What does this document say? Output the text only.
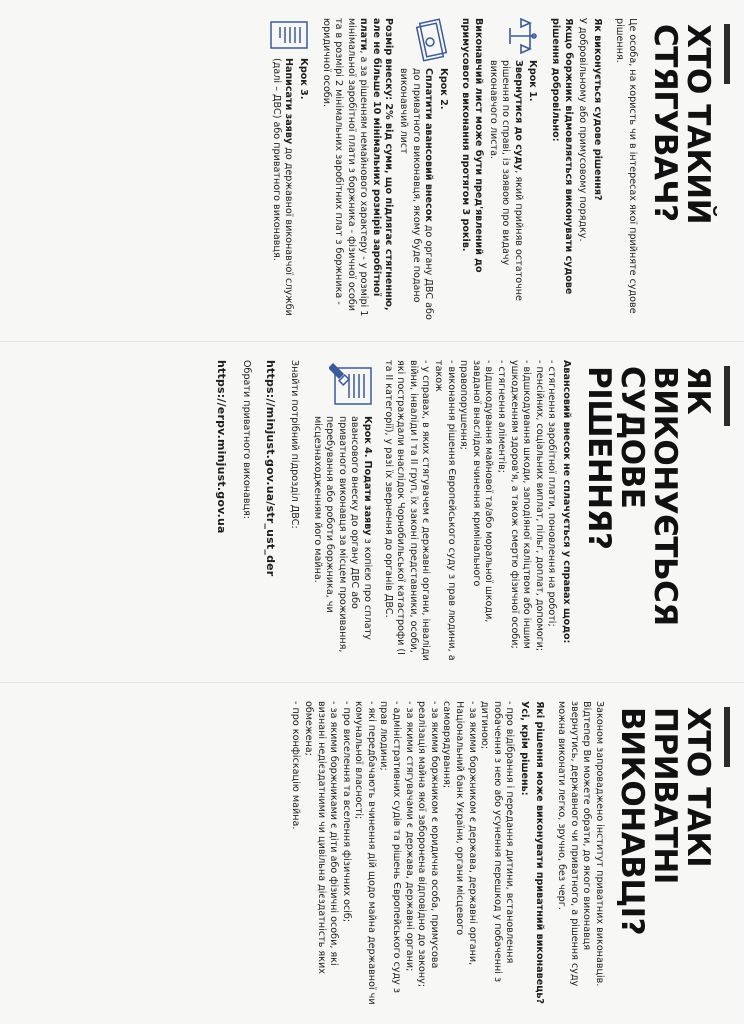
ХТО ТАКИЙ
СТЯГУВАЧ?

Це особа, на користь чи в інтересах якої прийняте судове рішення.

Як виконується судове рішення?

У добровільному або примусовому порядку.

Якщо боржник відмовляється виконувати судове рішення добровільно:

Крок 1.

Звернутися до суду, який прийняв остаточне рішення по справі, із заявою про видачу виконавчого листа.

Виконавчий лист може бути пред'явлений до примусового виконання протягом 3 років.

Крок 2.

Сплатити авансовий внесок до органу ДВС або до приватного виконавця, якому буде подано виконавчий лист

Розмір внеску: 2% від суми, що підлягає стягненню, але не більше 10 мінімальних розмірів заробітної плати, а за рішенням немайнового характеру - у розмірі 1 мінімальної заробітної плати з боржника - фізичної особи та в розмірі 2 мінімальних заробітних плат з боржника - юридичної особи.

Крок 3.

Написати заяву до державної виконавчої служби (далі – ДВС) або приватного виконавця.

ЯК ВИКОНУЄТЬСЯ
СУДОВЕ РІШЕННЯ?

Авансовий внесок не сплачується у справах щодо:

- стягнення заробітної плати, поновлення на роботі;
- пенсійних, соціальних виплат, пільг, доплат, допомоги;
- відшкодування шкоди, заподіяної каліцтвом або іншим ушкодженням здоров'я, а також смертю фізичної особи;
- стягнення аліментів;
- відшкодування майнової та/або моральної шкоди, завданої внаслідок вчинення кримінального правопорушення;
- виконання рішення Європейського суду з прав людини, а також
- у справах, в яких стягувачем є державні органи, інваліди війни, інваліди І та ІІ груп, їх законі представники, особи, які постраждали внаслідок Чорнобильської катастрофи (І та ІІ категорії), у разі їх звернення до органів ДВС.

Крок 4. Подати заяву з копією про сплату авансового внеску до органу ДВС або приватного виконавця за місцем проживання, перебування або роботи боржника, чи місцезнаходженням його майна.

Знайти потрібний підрозділ ДВС:

https://minjust.gov.ua/str_ust_der

Обрати приватного виконавця:

https://erpv.minjust.gov.ua

ХТО ТАКІ ПРИВАТНІ
ВИКОНАВЦІ?

Законом запроваджено інститут приватних виконавців. Відтепер Ви можете обрати, до якого виконавця звернутись, державного чи приватного, а рішення суду можна виконати легко, зручно, без черг.

Які рішення може виконувати приватний виконавець?

Усі, крім рішень:

- про відібрання і передання дитини, встановлення побачення з нею або усунення перешкод у побаченні з дитиною;
- за якими боржником є держава, державні органи, Національний банк України, органи місцевого самоврядування;
- за якими боржником є юридична особа, примусова реалізація майна якої заборонена відповідно до закону;
- за якими стягувачами є держава, державні органи;
- адміністративних судів та рішень Європейського суду з прав людини;
- які передбачають вчинення дій щодо майна державної чи комунальної власності;
- про виселення та вселення фізичних осіб;
- за якими боржниками є діти або фізичні особи, які визнані недієздатними чи цивільна дієздатність яких обмежена;
- про конфіскацію майна.
